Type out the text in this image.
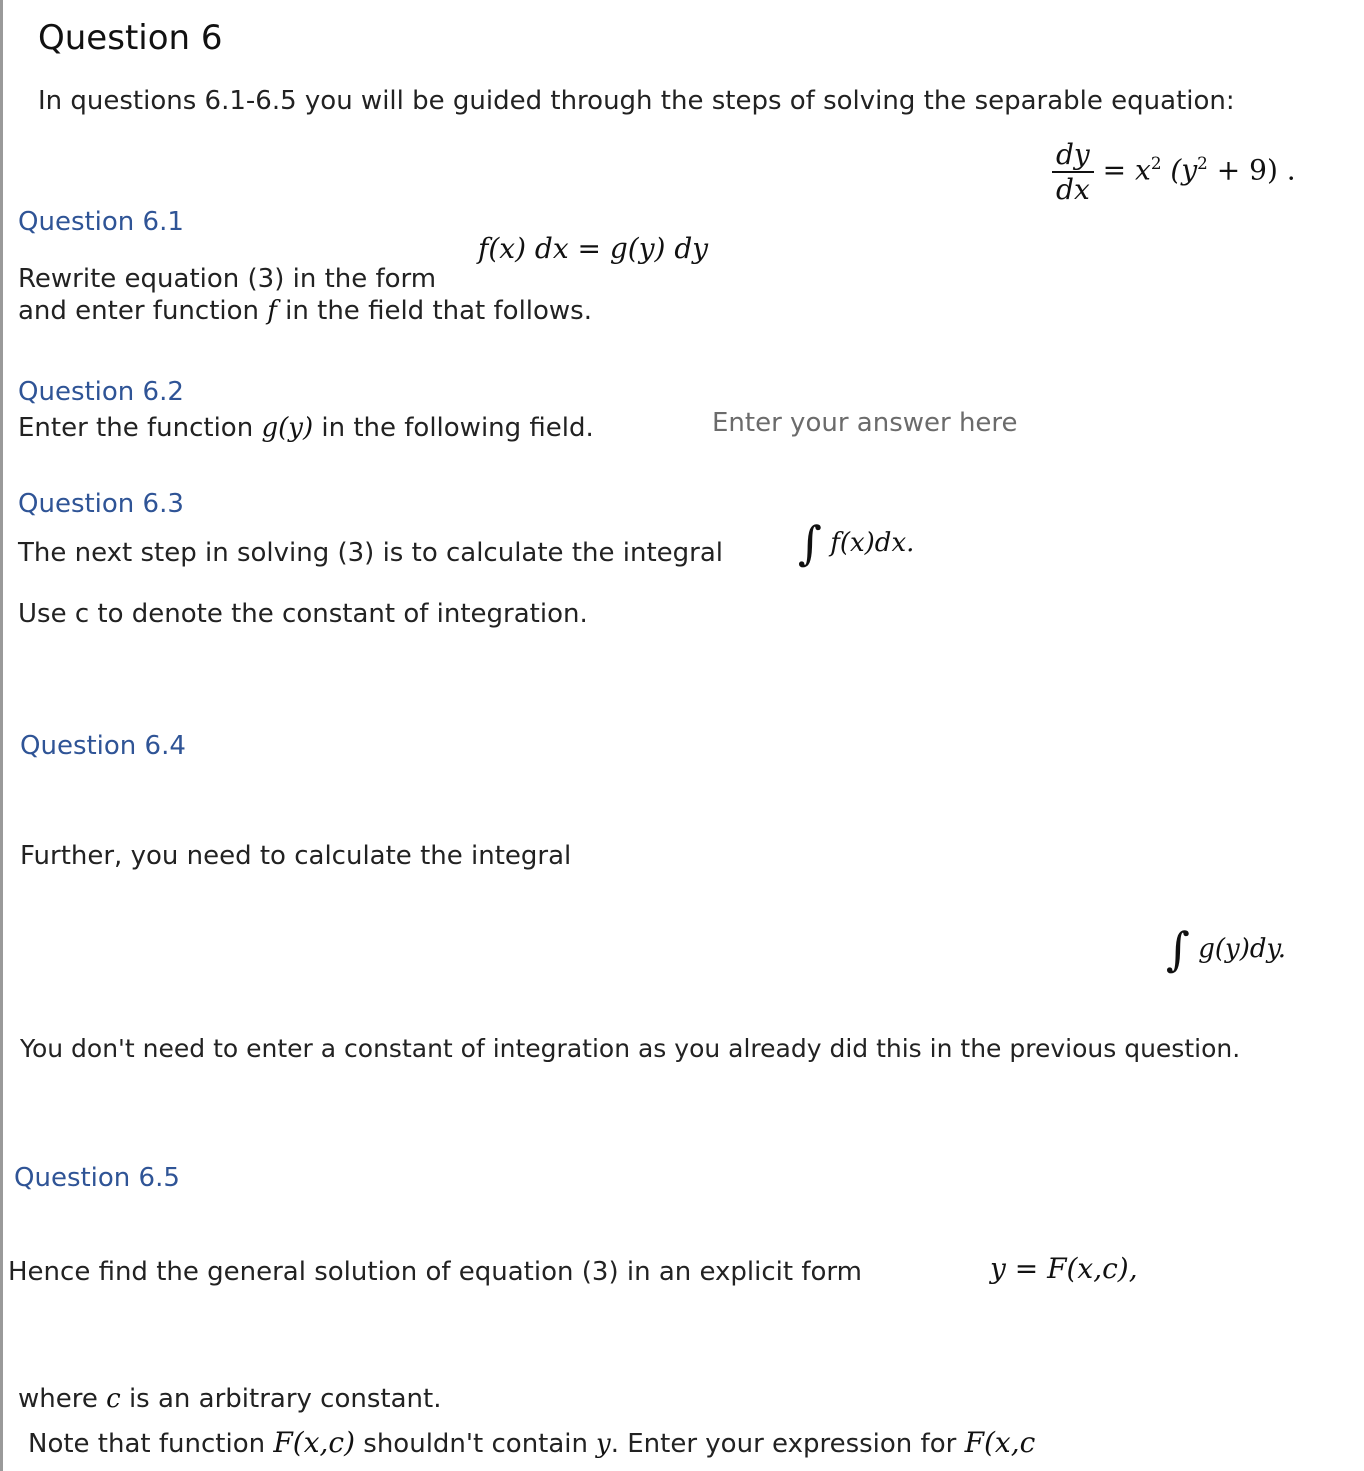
Question 6
In questions 6.1-6.5 you will be guided through the steps of solving the separable equation:
$\frac{dy}{dx} = x^2$ $(y^2 + 9)$ .
Question 6.1
f(x) dx = g(y) dy
Rewrite equation (3) in the form
and enter function f in the field that follows.
Question 6.2
Enter the function g(y) in the following field.	Enter your answer here
Question 6.3
The next step in solving (3) is to calculate the integral ∫ f(x)dx.
Use c to denote the constant of integration.
Question 6.4
Further, you need to calculate the integral
∫ g(y)dy.
You don't need to enter a constant of integration as you already did this in the previous question.
Question 6.5
Hence find the general solution of equation (3) in an explicit form	y = F(x,c),
where c is an arbitrary constant.
Note that function F(x,c) shouldn't contain y. Enter your expression for F(x,c
